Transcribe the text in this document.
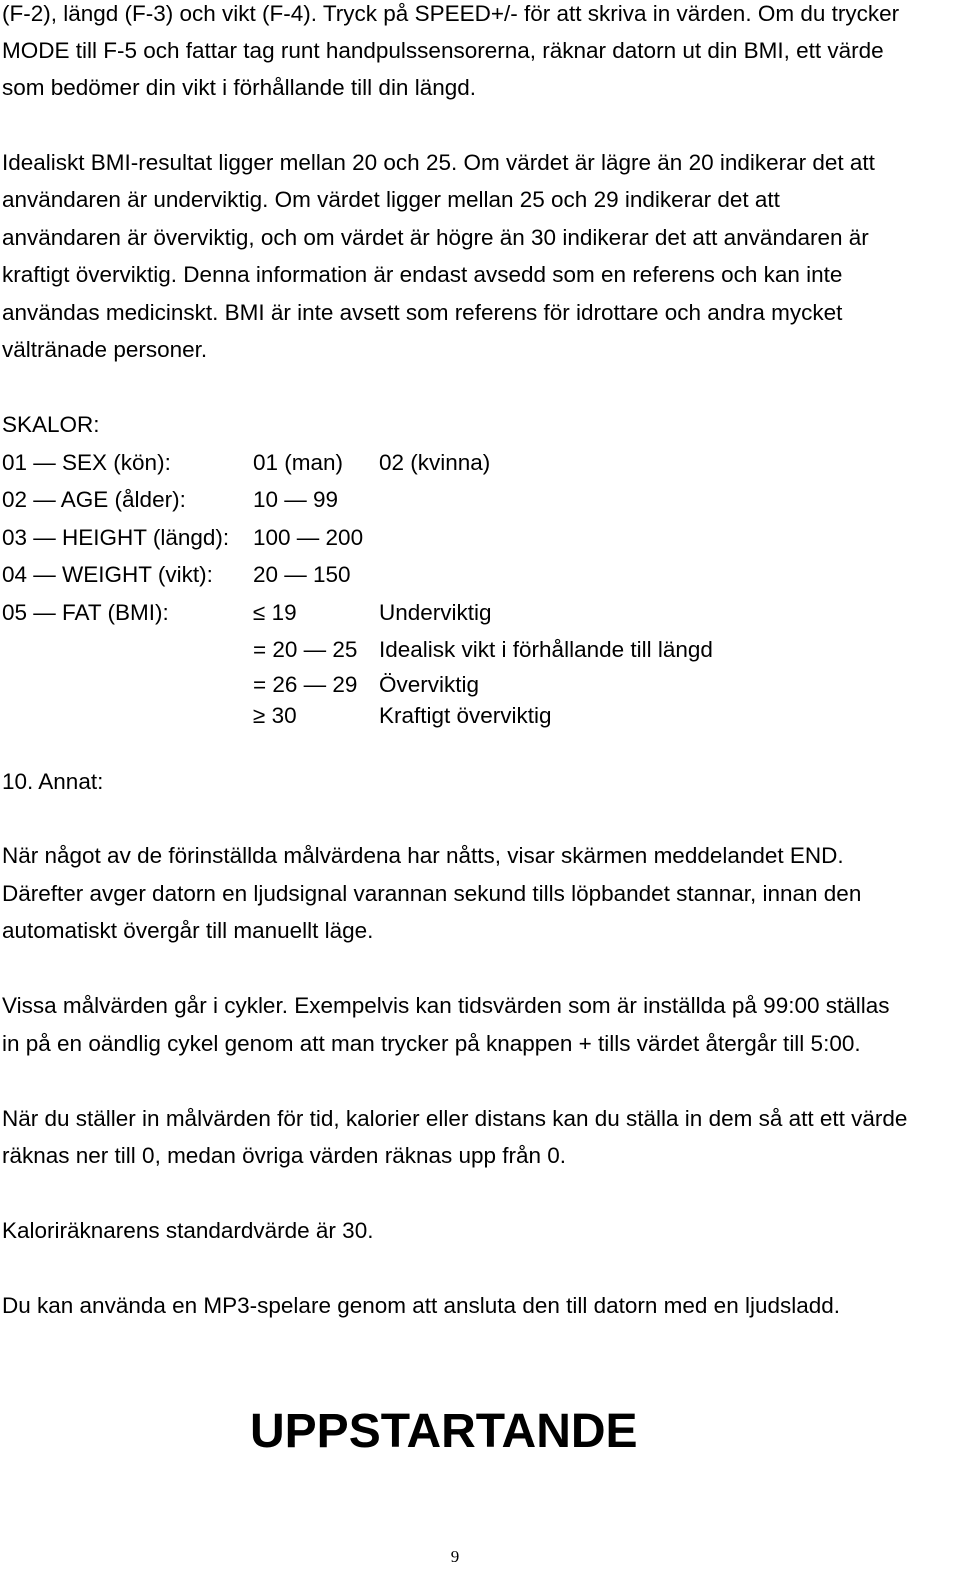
(F-2), längd (F-3) och vikt (F-4). Tryck på SPEED+/- för att skriva in värden. Om du trycker
MODE till F-5 och fattar tag runt handpulssensorerna, räknar datorn ut din BMI, ett värde
som bedömer din vikt i förhållande till din längd.
Idealiskt BMI-resultat ligger mellan 20 och 25. Om värdet är lägre än 20 indikerar det att
användaren är underviktig. Om värdet ligger mellan 25 och 29 indikerar det att
användaren är överviktig, och om värdet är högre än 30 indikerar det att användaren är
kraftigt överviktig. Denna information är endast avsedd som en referens och kan inte
användas medicinskt. BMI är inte avsett som referens för idrottare och andra mycket
vältränade personer.
SKALOR:
01 — SEX (kön):	01 (man) 02 (kvinna)
02 — AGE (ålder):	10 — 99
03 — HEIGHT (längd): 100 — 200
04 — WEIGHT (vikt): 20 — 150
05 — FAT (BMI):	≤ 19	Underviktig
= 20 — 25 Idealisk vikt i förhållande till längd
= 26 — 29 Överviktig
≥ 30	Kraftigt överviktig
10. Annat:
När något av de förinställda målvärdena har nåtts, visar skärmen meddelandet END.
Därefter avger datorn en ljudsignal varannan sekund tills löpbandet stannar, innan den
automatiskt övergår till manuellt läge.
Vissa målvärden går i cykler. Exempelvis kan tidsvärden som är inställda på 99:00 ställas
in på en oändlig cykel genom att man trycker på knappen + tills värdet återgår till 5:00.
När du ställer in målvärden för tid, kalorier eller distans kan du ställa in dem så att ett värde
räknas ner till 0, medan övriga värden räknas upp från 0.
Kaloriräknarens standardvärde är 30.
Du kan använda en MP3-spelare genom att ansluta den till datorn med en ljudsladd.
UPPSTARTANDE
9
